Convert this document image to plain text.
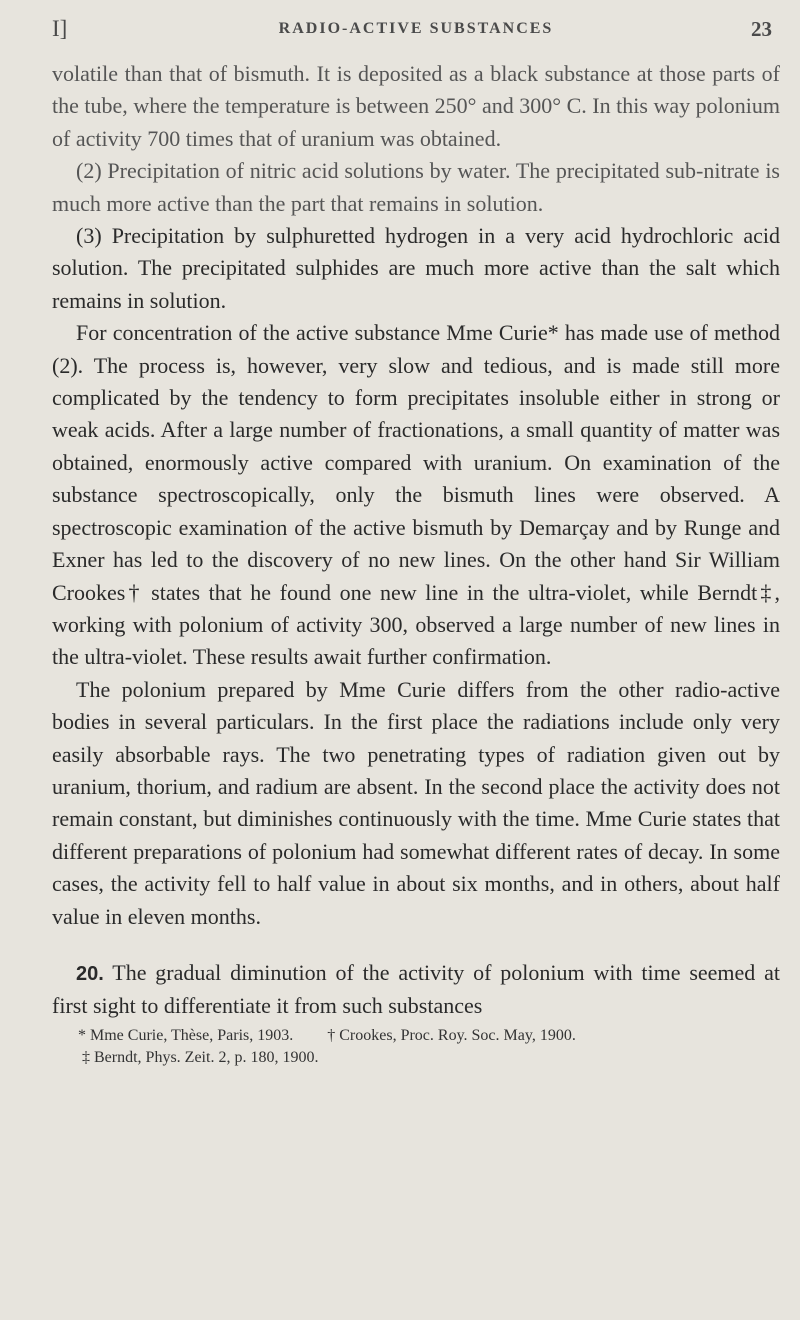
I]	RADIO-ACTIVE SUBSTANCES	23

volatile than that of bismuth. It is deposited as a black substance at those parts of the tube, where the temperature is between 250° and 300° C. In this way polonium of activity 700 times that of uranium was obtained.

(2) Precipitation of nitric acid solutions by water. The precipitated sub-nitrate is much more active than the part that remains in solution.

(3) Precipitation by sulphuretted hydrogen in a very acid hydrochloric acid solution. The precipitated sulphides are much more active than the salt which remains in solution.

For concentration of the active substance Mme Curie* has made use of method (2). The process is, however, very slow and tedious, and is made still more complicated by the tendency to form precipitates insoluble either in strong or weak acids. After a large number of fractionations, a small quantity of matter was obtained, enormously active compared with uranium. On examination of the substance spectroscopically, only the bismuth lines were observed. A spectroscopic examination of the active bismuth by Demarçay and by Runge and Exner has led to the discovery of no new lines. On the other hand Sir William Crookes† states that he found one new line in the ultra-violet, while Berndt‡, working with polonium of activity 300, observed a large number of new lines in the ultra-violet. These results await further confirmation.

The polonium prepared by Mme Curie differs from the other radio-active bodies in several particulars. In the first place the radiations include only very easily absorbable rays. The two penetrating types of radiation given out by uranium, thorium, and radium are absent. In the second place the activity does not remain constant, but diminishes continuously with the time. Mme Curie states that different preparations of polonium had somewhat different rates of decay. In some cases, the activity fell to half value in about six months, and in others, about half value in eleven months.

20. The gradual diminution of the activity of polonium with time seemed at first sight to differentiate it from such substances

* Mme Curie, Thèse, Paris, 1903. † Crookes, Proc. Roy. Soc. May, 1900.
‡ Berndt, Phys. Zeit. 2, p. 180, 1900.
